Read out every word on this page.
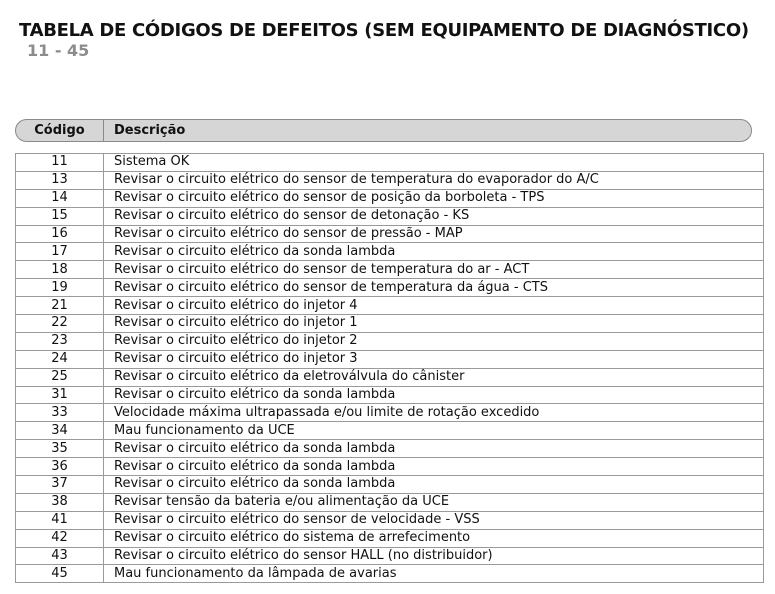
TABELA DE CÓDIGOS DE DEFEITOS (SEM EQUIPAMENTO DE DIAGNÓSTICO)
11 - 45
Código	Descrição
11	Sistema OK
13	Revisar o circuito elétrico do sensor de temperatura do evaporador do A/C
14	Revisar o circuito elétrico do sensor de posição da borboleta - TPS
15	Revisar o circuito elétrico do sensor de detonação - KS
16	Revisar o circuito elétrico do sensor de pressão - MAP
17	Revisar o circuito elétrico da sonda lambda
18	Revisar o circuito elétrico do sensor de temperatura do ar - ACT
19	Revisar o circuito elétrico do sensor de temperatura da água - CTS
21	Revisar o circuito elétrico do injetor 4
22	Revisar o circuito elétrico do injetor 1
23	Revisar o circuito elétrico do injetor 2
24	Revisar o circuito elétrico do injetor 3
25	Revisar o circuito elétrico da eletroválvula do cânister
31	Revisar o circuito elétrico da sonda lambda
33	Velocidade máxima ultrapassada e/ou limite de rotação excedido
34	Mau funcionamento da UCE
35	Revisar o circuito elétrico da sonda lambda
36	Revisar o circuito elétrico da sonda lambda
37	Revisar o circuito elétrico da sonda lambda
38	Revisar tensão da bateria e/ou alimentação da UCE
41	Revisar o circuito elétrico do sensor de velocidade - VSS
42	Revisar o circuito elétrico do sistema de arrefecimento
43	Revisar o circuito elétrico do sensor HALL (no distribuidor)
45	Mau funcionamento da lâmpada de avarias
